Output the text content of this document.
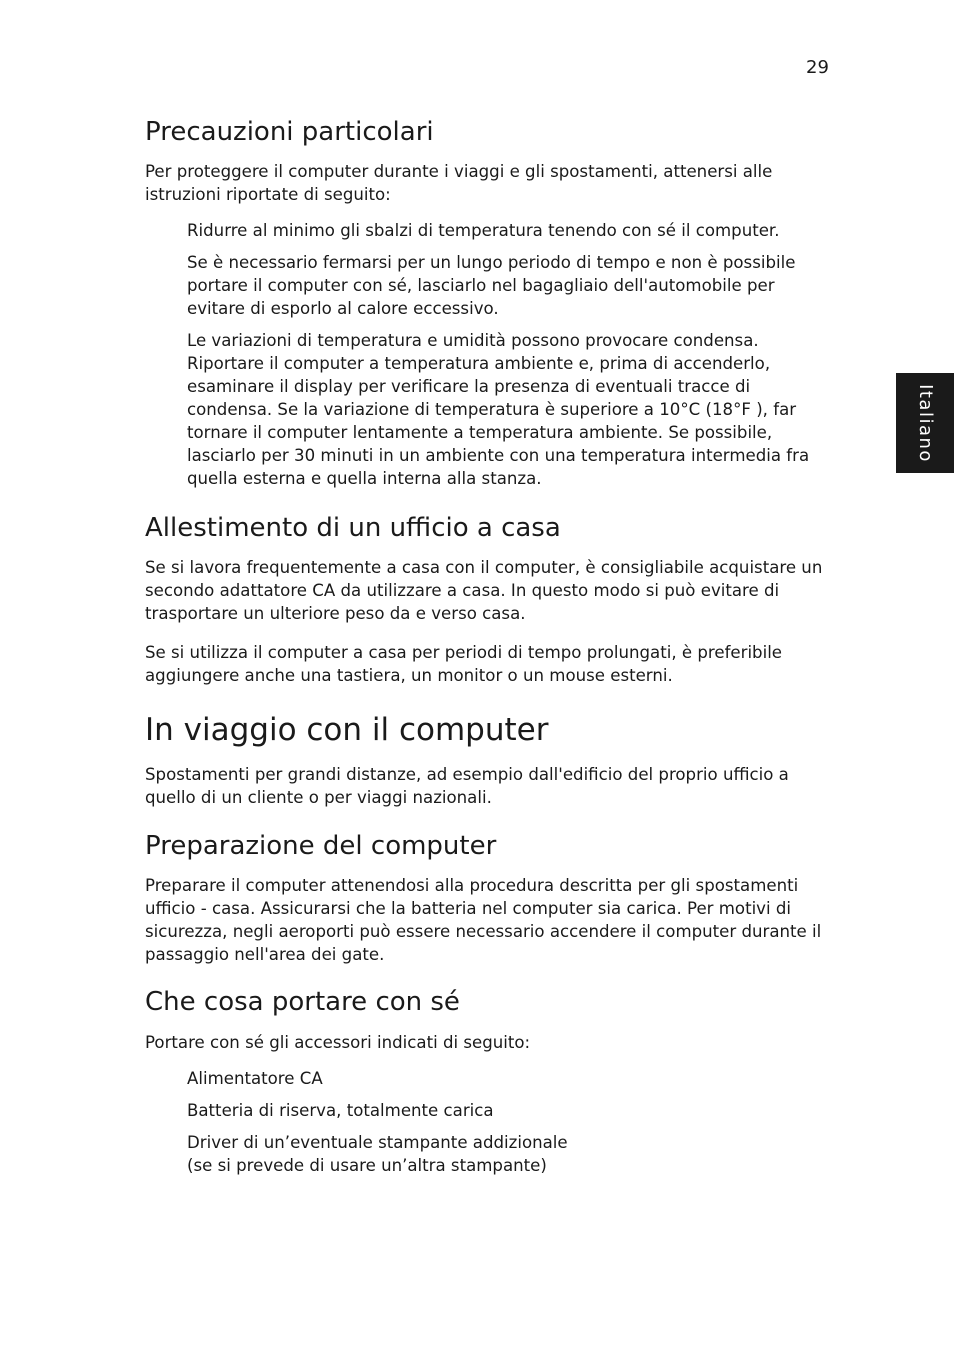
29
Italiano
Precauzioni particolari

Per proteggere il computer durante i viaggi e gli spostamenti, attenersi alle istruzioni riportate di seguito:

Ridurre al minimo gli sbalzi di temperatura tenendo con sé il computer.

Se è necessario fermarsi per un lungo periodo di tempo e non è possibile portare il computer con sé, lasciarlo nel bagagliaio dell'automobile per evitare di esporlo al calore eccessivo.

Le variazioni di temperatura e umidità possono provocare condensa. Riportare il computer a temperatura ambiente e, prima di accenderlo, esaminare il display per verificare la presenza di eventuali tracce di condensa. Se la variazione di temperatura è superiore a 10°C (18°F ), far tornare il computer lentamente a temperatura ambiente. Se possibile, lasciarlo per 30 minuti in un ambiente con una temperatura intermedia fra quella esterna e quella interna alla stanza.

Allestimento di un ufficio a casa

Se si lavora frequentemente a casa con il computer, è consigliabile acquistare un secondo adattatore CA da utilizzare a casa. In questo modo si può evitare di trasportare un ulteriore peso da e verso casa.

Se si utilizza il computer a casa per periodi di tempo prolungati, è preferibile aggiungere anche una tastiera, un monitor o un mouse esterni.

In viaggio con il computer

Spostamenti per grandi distanze, ad esempio dall'edificio del proprio ufficio a quello di un cliente o per viaggi nazionali.

Preparazione del computer

Preparare il computer attenendosi alla procedura descritta per gli spostamenti ufficio - casa. Assicurarsi che la batteria nel computer sia carica. Per motivi di sicurezza, negli aeroporti può essere necessario accendere il computer durante il passaggio nell'area dei gate.

Che cosa portare con sé

Portare con sé gli accessori indicati di seguito:

Alimentatore CA

Batteria di riserva, totalmente carica

Driver di un’eventuale stampante addizionale
(se si prevede di usare un’altra stampante)
